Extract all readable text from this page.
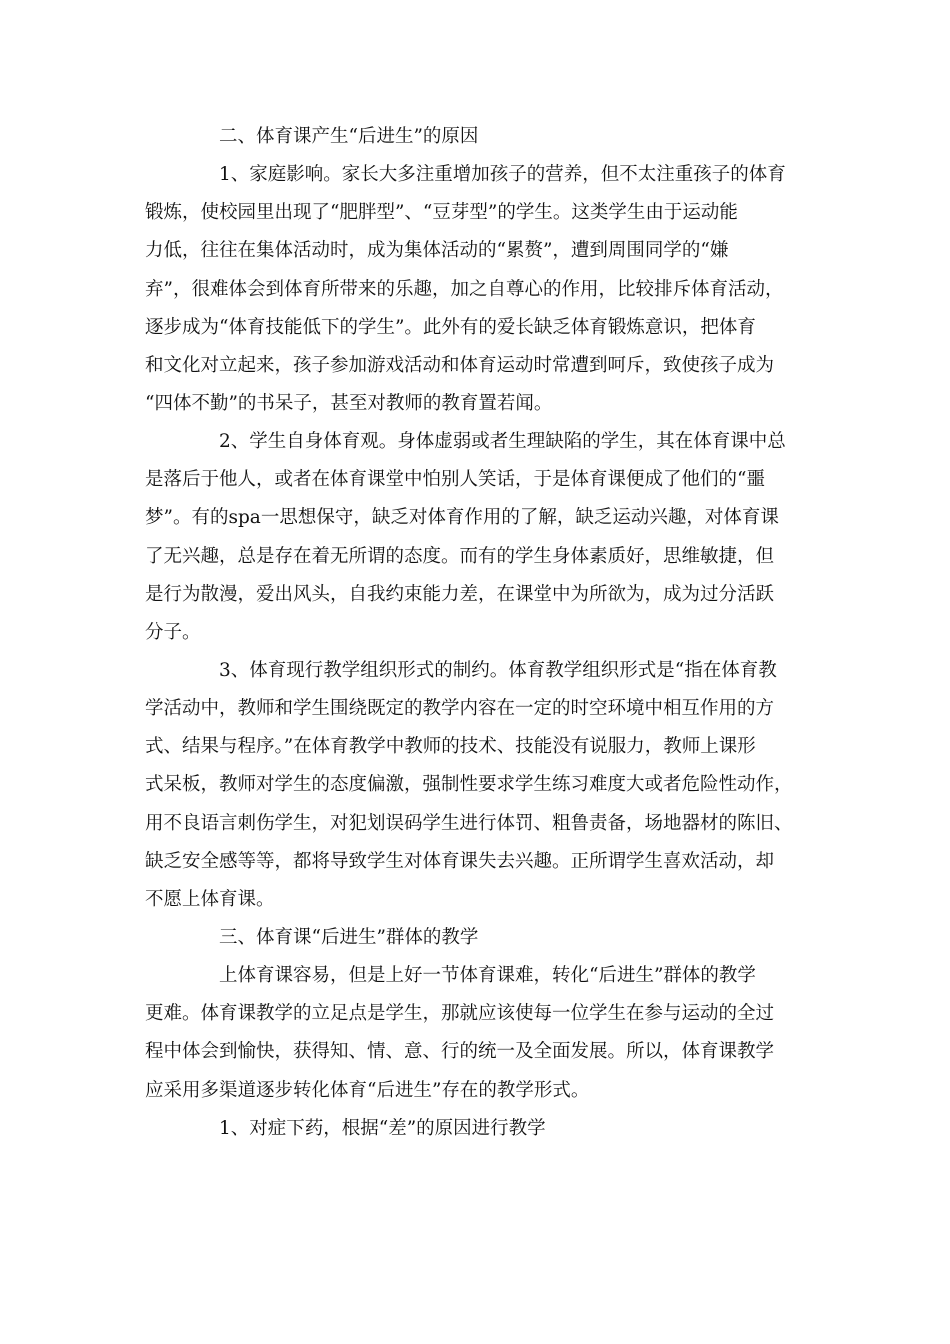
二、体育课产生“后进生”的原因
1、家庭影响。家长大多注重增加孩子的营养，但不太注重孩子的体育
锻炼，使校园里出现了“肥胖型”、“豆芽型”的学生。这类学生由于运动能
力低，往往在集体活动时，成为集体活动的“累赘”，遭到周围同学的“嫌
弃”，很难体会到体育所带来的乐趣，加之自尊心的作用，比较排斥体育活动，
逐步成为“体育技能低下的学生”。此外有的爱长缺乏体育锻炼意识，把体育
和文化对立起来，孩子参加游戏活动和体育运动时常遭到呵斥，致使孩子成为
“四体不勤”的书呆子，甚至对教师的教育置若闻。
2、学生自身体育观。身体虚弱或者生理缺陷的学生，其在体育课中总
是落后于他人，或者在体育课堂中怕别人笑话，于是体育课便成了他们的“噩
梦”。有的spa一思想保守，缺乏对体育作用的了解，缺乏运动兴趣，对体育课
了无兴趣，总是存在着无所谓的态度。而有的学生身体素质好，思维敏捷，但
是行为散漫，爱出风头，自我约束能力差，在课堂中为所欲为，成为过分活跃
分子。
3、体育现行教学组织形式的制约。体育教学组织形式是“指在体育教
学活动中，教师和学生围绕既定的教学内容在一定的时空环境中相互作用的方
式、结果与程序。”在体育教学中教师的技术、技能没有说服力，教师上课形
式呆板，教师对学生的态度偏激，强制性要求学生练习难度大或者危险性动作，
用不良语言刺伤学生，对犯划误码学生进行体罚、粗鲁责备，场地器材的陈旧、
缺乏安全感等等，都将导致学生对体育课失去兴趣。正所谓学生喜欢活动，却
不愿上体育课。
三、体育课“后进生”群体的教学
上体育课容易，但是上好一节体育课难，转化“后进生”群体的教学
更难。体育课教学的立足点是学生，那就应该使每一位学生在参与运动的全过
程中体会到愉快，获得知、情、意、行的统一及全面发展。所以，体育课教学
应采用多渠道逐步转化体育“后进生”存在的教学形式。
1、对症下药，根据“差”的原因进行教学
